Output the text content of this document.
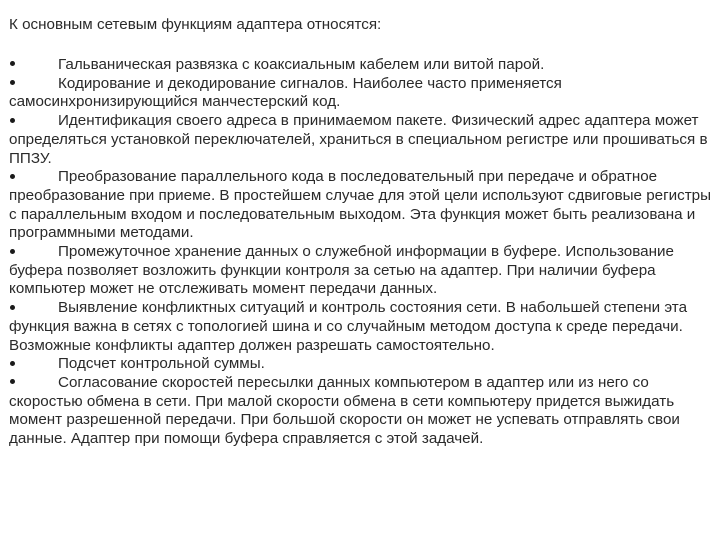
К основным сетевым функциям адаптера относятся:

Гальваническая развязка с коаксиальным кабелем или витой парой.

Кодирование и декодирование сигналов. Наиболее часто применяется самосинхронизирующийся манчестерский код.

Идентификация своего адреса в принимаемом пакете. Физический адрес адаптера может определяться установкой переключателей, храниться в специальном регистре или прошиваться в ППЗУ.

Преобразование параллельного кода в последовательный при передаче и обратное преобразование при приеме. В простейшем случае для этой цели используют сдвиговые регистры с параллельным входом и последовательным выходом. Эта функция может быть реализована и программными методами.

Промежуточное хранение данных о служебной информации в буфере. Использование буфера позволяет возложить функции контроля за сетью на адаптер. При наличии буфера компьютер может не отслеживать момент передачи данных.

Выявление конфликтных ситуаций и контроль состояния сети. В набольшей степени эта функция важна в сетях с топологией шина и со случайным методом доступа к среде передачи. Возможные конфликты адаптер должен разрешать самостоятельно.

Подсчет контрольной суммы.

Согласование скоростей пересылки данных компьютером в адаптер или из него со скоростью обмена в сети. При малой скорости обмена в сети компьютеру придется выжидать момент разрешенной передачи. При большой скорости он может не успевать отправлять свои данные. Адаптер при помощи буфера справляется с этой задачей.
